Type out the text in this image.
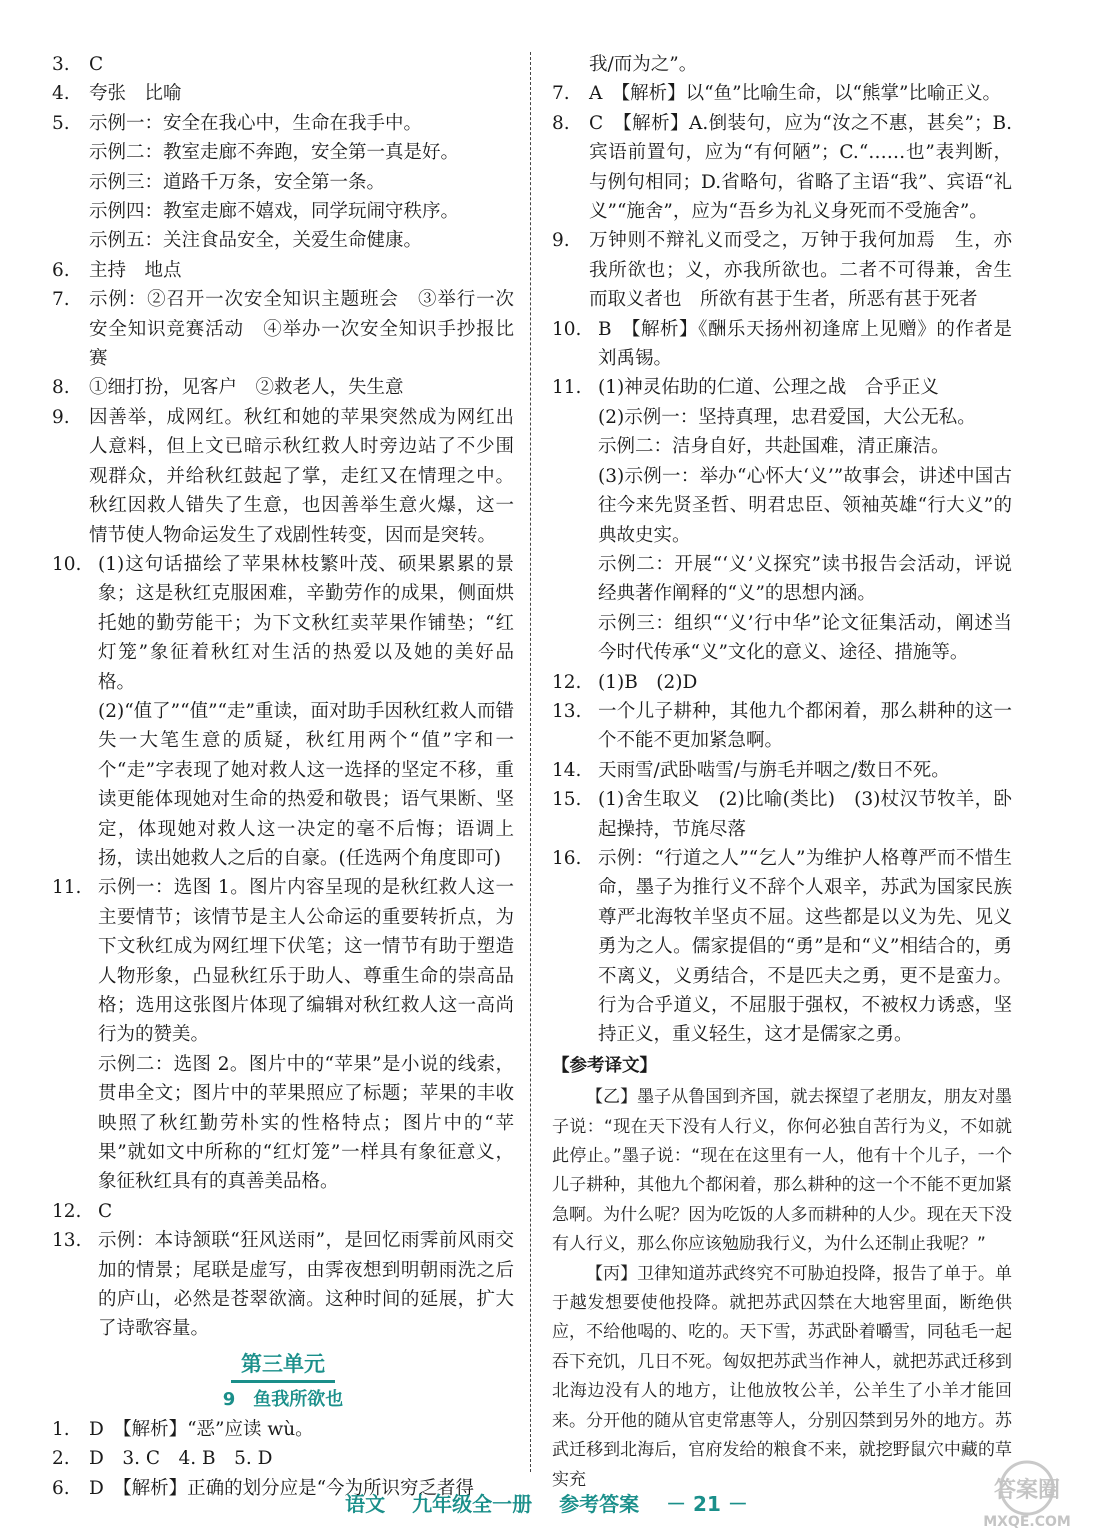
3.	C
4.	夸张　比喻
5.	示例一：安全在我心中，生命在我手中。

示例二：教室走廊不奔跑，安全第一真是好。

示例三：道路千万条，安全第一条。

示例四：教室走廊不嬉戏，同学玩闹守秩序。

示例五：关注食品安全，关爱生命健康。

6.	主持　地点
7.	示例：②召开一次安全知识主题班会　③举行一次安全知识竞赛活动　④举办一次安全知识手抄报比赛
8.	①细打扮，见客户　②救老人，失生意
9.	因善举，成网红。秋红和她的苹果突然成为网红出人意料，但上文已暗示秋红救人时旁边站了不少围观群众，并给秋红鼓起了掌，走红又在情理之中。秋红因救人错失了生意，也因善举生意火爆，这一情节使人物命运发生了戏剧性转变，因而是突转。
10. (1)这句话描绘了苹果林枝繁叶茂、硕果累累的景象；这是秋红克服困难，辛勤劳作的成果，侧面烘托她的勤劳能干；为下文秋红卖苹果作铺垫；“红灯笼”象征着秋红对生活的热爱以及她的美好品格。

(2)“值了”“值”“走”重读，面对助手因秋红救人而错失一大笔生意的质疑，秋红用两个“值”字和一个“走”字表现了她对救人这一选择的坚定不移，重读更能体现她对生命的热爱和敬畏；语气果断、坚定，体现她对救人这一决定的毫不后悔；语调上扬，读出她救人之后的自豪。(任选两个角度即可)

11. 示例一：选图 1。图片内容呈现的是秋红救人这一主要情节；该情节是主人公命运的重要转折点，为下文秋红成为网红埋下伏笔；这一情节有助于塑造人物形象，凸显秋红乐于助人、尊重生命的崇高品格；选用这张图片体现了编辑对秋红救人这一高尚行为的赞美。

示例二：选图 2。图片中的“苹果”是小说的线索，贯串全文；图片中的苹果照应了标题；苹果的丰收映照了秋红勤劳朴实的性格特点；图片中的“苹果”就如文中所称的“红灯笼”一样具有象征意义，象征秋红具有的真善美品格。

12. C
13. 示例：本诗颔联“狂风送雨”，是回忆雨霁前风雨交加的情景；尾联是虚写，由霁夜想到明朝雨洗之后的庐山，必然是苍翠欲滴。这种时间的延展，扩大了诗歌容量。
第三单元
9　鱼我所欲也
1.	D　【解析】“恶”应读 wù。
2.	D　3. C　4. B　5. D
6.	D　【解析】正确的划分应是“今为所识穷乏者得

我/而为之”。

7.	A　【解析】以“鱼”比喻生命，以“熊掌”比喻正义。
8.	C　【解析】A.倒装句，应为“汝之不惠，甚矣”；B.宾语前置句，应为“有何陋”；C.“……也”表判断，与例句相同；D.省略句，省略了主语“我”、宾语“礼义”“施舍”，应为“吾乡为礼义身死而不受施舍”。
9.	万钟则不辩礼义而受之，万钟于我何加焉　生，亦我所欲也；义，亦我所欲也。二者不可得兼，舍生而取义者也　所欲有甚于生者，所恶有甚于死者
10. B　【解析】《酬乐天扬州初逢席上见赠》的作者是刘禹锡。
11. (1)神灵佑助的仁道、公理之战　合乎正义

(2)示例一：坚持真理，忠君爱国，大公无私。

示例二：洁身自好，共赴国难，清正廉洁。

(3)示例一：举办“心怀大‘义’”故事会，讲述中国古往今来先贤圣哲、明君忠臣、领袖英雄“行大义”的典故史实。

示例二：开展“‘义’义探究”读书报告会活动，评说经典著作阐释的“义”的思想内涵。

示例三：组织“‘义’行中华”论文征集活动，阐述当今时代传承“义”文化的意义、途径、措施等。

12. (1)B　(2)D
13. 一个儿子耕种，其他九个都闲着，那么耕种的这一个不能不更加紧急啊。
14. 天雨雪/武卧啮雪/与旃毛并咽之/数日不死。
15. (1)舍生取义　(2)比喻(类比)　(3)杖汉节牧羊，卧起操持，节旄尽落
16. 示例：“行道之人”“乞人”为维护人格尊严而不惜生命，墨子为推行义不辞个人艰辛，苏武为国家民族尊严北海牧羊坚贞不屈。这些都是以义为先、见义勇为之人。儒家提倡的“勇”是和“义”相结合的，勇不离义，义勇结合，不是匹夫之勇，更不是蛮力。行为合乎道义，不屈服于强权，不被权力诱惑，坚持正义，重义轻生，这才是儒家之勇。
【参考译文】

【乙】墨子从鲁国到齐国，就去探望了老朋友，朋友对墨子说：“现在天下没有人行义，你何必独自苦行为义，不如就此停止。”墨子说：“现在在这里有一人，他有十个儿子，一个儿子耕种，其他九个都闲着，那么耕种的这一个不能不更加紧急啊。为什么呢？因为吃饭的人多而耕种的人少。现在天下没有人行义，那么你应该勉励我行义，为什么还制止我呢？”

【丙】卫律知道苏武终究不可胁迫投降，报告了单于。单于越发想要使他投降。就把苏武囚禁在大地窖里面，断绝供应，不给他喝的、吃的。天下雪，苏武卧着嚼雪，同毡毛一起吞下充饥，几日不死。匈奴把苏武当作神人，就把苏武迁移到北海边没有人的地方，让他放牧公羊，公羊生了小羊才能回来。分开他的随从官吏常惠等人，分别囚禁到另外的地方。苏武迁移到北海后，官府发给的粮食不来，就挖野鼠穴中藏的草实充

语文 九年级全一册 参考答案 － 21 －
答案圈
MXQE.COM
